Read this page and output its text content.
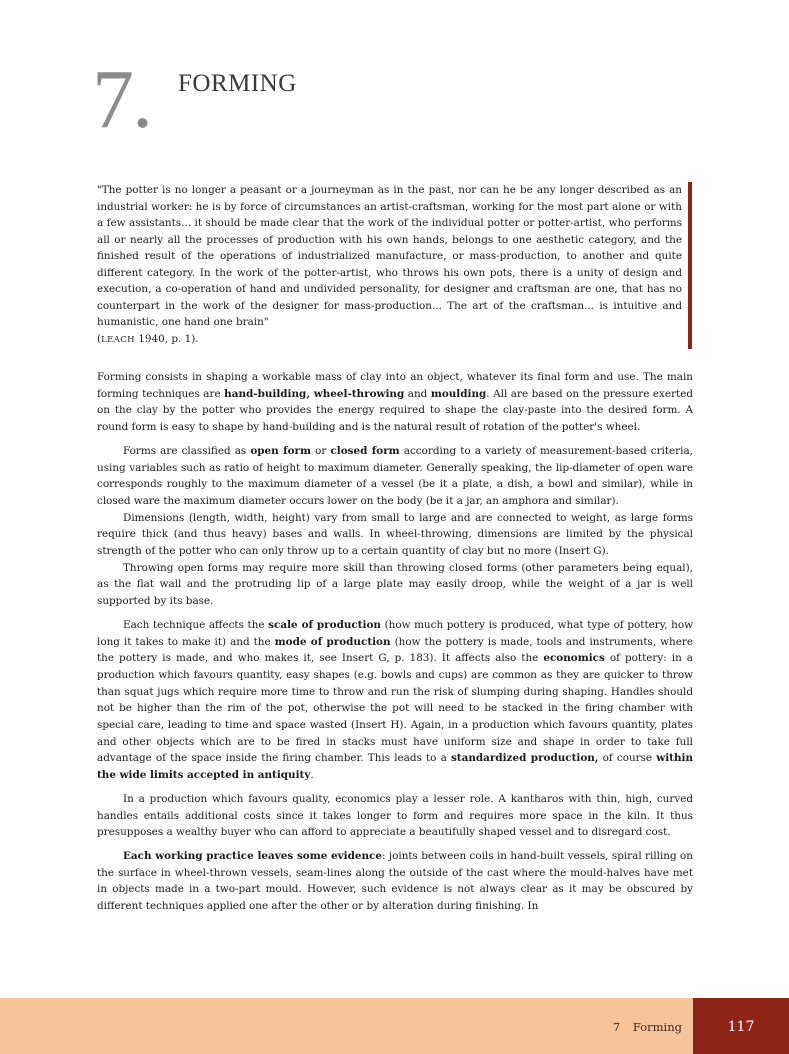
7. FORMING
"The potter is no longer a peasant or a journeyman as in the past, nor can he be any longer described as an industrial worker: he is by force of circumstances an artist-craftsman, working for the most part alone or with a few assistants... it should be made clear that the work of the individual potter or potter-artist, who performs all or nearly all the processes of production with his own hands, belongs to one aesthetic category, and the finished result of the operations of industrialized manufacture, or mass-production, to another and quite different category. In the work of the potter-artist, who throws his own pots, there is a unity of design and execution, a co-operation of hand and undivided personality, for designer and craftsman are one, that has no counterpart in the work of the designer for mass-production... The art of the craftsman... is intuitive and humanistic, one hand one brain"
(LEACH 1940, p. 1).

Forming consists in shaping a workable mass of clay into an object, whatever its final form and use. The main forming techniques are hand-building, wheel-throwing and moulding. All are based on the pressure exerted on the clay by the potter who provides the energy required to shape the clay-paste into the desired form. A round form is easy to shape by hand-building and is the natural result of rotation of the potter's wheel.

Forms are classified as open form or closed form according to a variety of measurement-based criteria, using variables such as ratio of height to maximum diameter. Generally speaking, the lip-diameter of open ware corresponds roughly to the maximum diameter of a vessel (be it a plate, a dish, a bowl and similar), while in closed ware the maximum diameter occurs lower on the body (be it a jar, an amphora and similar).

Dimensions (length, width, height) vary from small to large and are connected to weight, as large forms require thick (and thus heavy) bases and walls. In wheel-throwing, dimensions are limited by the physical strength of the potter who can only throw up to a certain quantity of clay but no more (Insert G).

Throwing open forms may require more skill than throwing closed forms (other parameters being equal), as the flat wall and the protruding lip of a large plate may easily droop, while the weight of a jar is well supported by its base.

Each technique affects the scale of production (how much pottery is produced, what type of pottery, how long it takes to make it) and the mode of production (how the pottery is made, tools and instruments, where the pottery is made, and who makes it, see Insert G, p. 183). It affects also the economics of pottery: in a production which favours quantity, easy shapes (e.g. bowls and cups) are common as they are quicker to throw than squat jugs which require more time to throw and run the risk of slumping during shaping. Handles should not be higher than the rim of the pot, otherwise the pot will need to be stacked in the firing chamber with special care, leading to time and space wasted (Insert H). Again, in a production which favours quantity, plates and other objects which are to be fired in stacks must have uniform size and shape in order to take full advantage of the space inside the firing chamber. This leads to a standardized production, of course within the wide limits accepted in antiquity.

In a production which favours quality, economics play a lesser role. A kantharos with thin, high, curved handles entails additional costs since it takes longer to form and requires more space in the kiln. It thus presupposes a wealthy buyer who can afford to appreciate a beautifully shaped vessel and to disregard cost.

Each working practice leaves some evidence: joints between coils in hand-built vessels, spiral rilling on the surface in wheel-thrown vessels, seam-lines along the outside of the cast where the mould-halves have met in objects made in a two-part mould. However, such evidence is not always clear as it may be obscured by different techniques applied one after the other or by alteration during finishing. In

7 Forming	117
